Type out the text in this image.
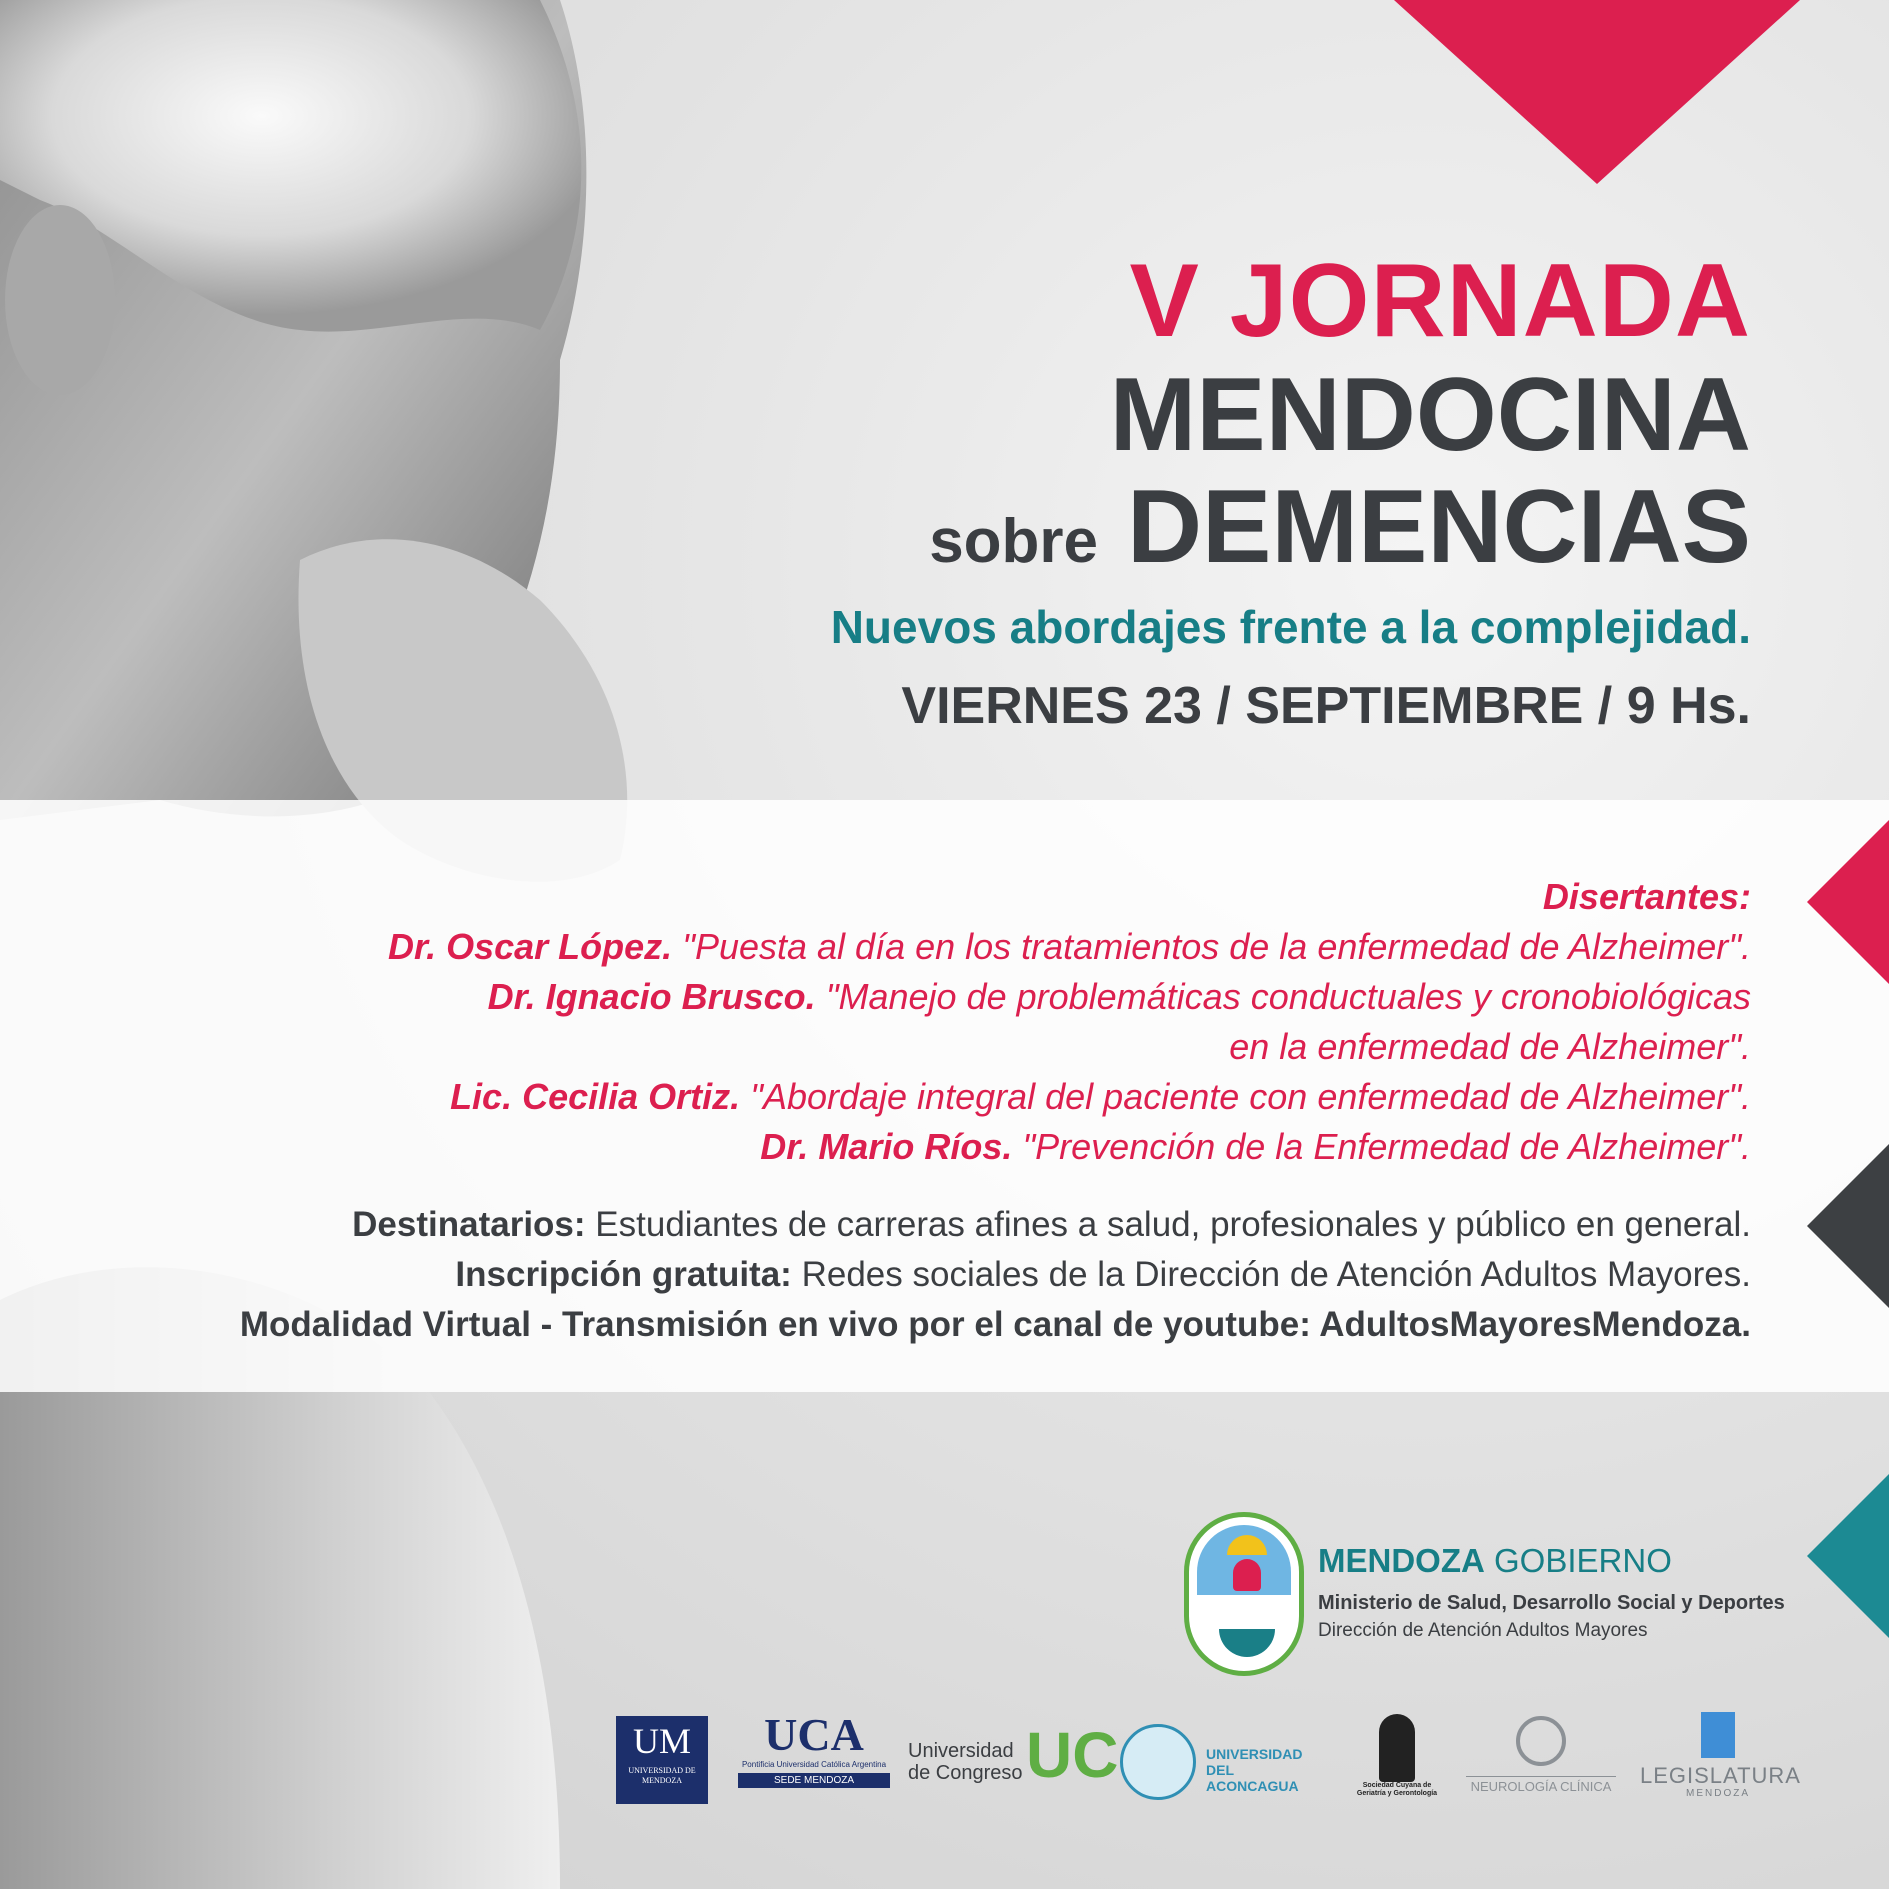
V JORNADA
MENDOCINA
sobre DEMENCIAS

Nuevos abordajes frente a la complejidad.

VIERNES 23 / SEPTIEMBRE / 9 Hs.

Disertantes:
Dr. Oscar López. "Puesta al día en los tratamientos de la enfermedad de Alzheimer".
Dr. Ignacio Brusco. "Manejo de problemáticas conductuales y cronobiológicas
en la enfermedad de Alzheimer".
Lic. Cecilia Ortiz. "Abordaje integral del paciente con enfermedad de Alzheimer".
Dr. Mario Ríos. "Prevención de la Enfermedad de Alzheimer".
Destinatarios: Estudiantes de carreras afines a salud, profesionales y público en general.
Inscripción gratuita: Redes sociales de la Dirección de Atención Adultos Mayores.
Modalidad Virtual - Transmisión en vivo por el canal de youtube: AdultosMayoresMendoza.
MENDOZA GOBIERNO
Ministerio de Salud, Desarrollo Social y Deportes
Dirección de Atención Adultos Mayores
UM
UNIVERSIDAD DE MENDOZA
UCA
Pontificia Universidad Católica Argentina
SEDE MENDOZA
Universidad
de Congreso UC	UNIVERSIDAD DEL
ACONCAGUA	Sociedad Cuyana de Geriatría y Gerontología	NEUROLOGÍA CLÍNICA LEGISLATURA
MENDOZA
